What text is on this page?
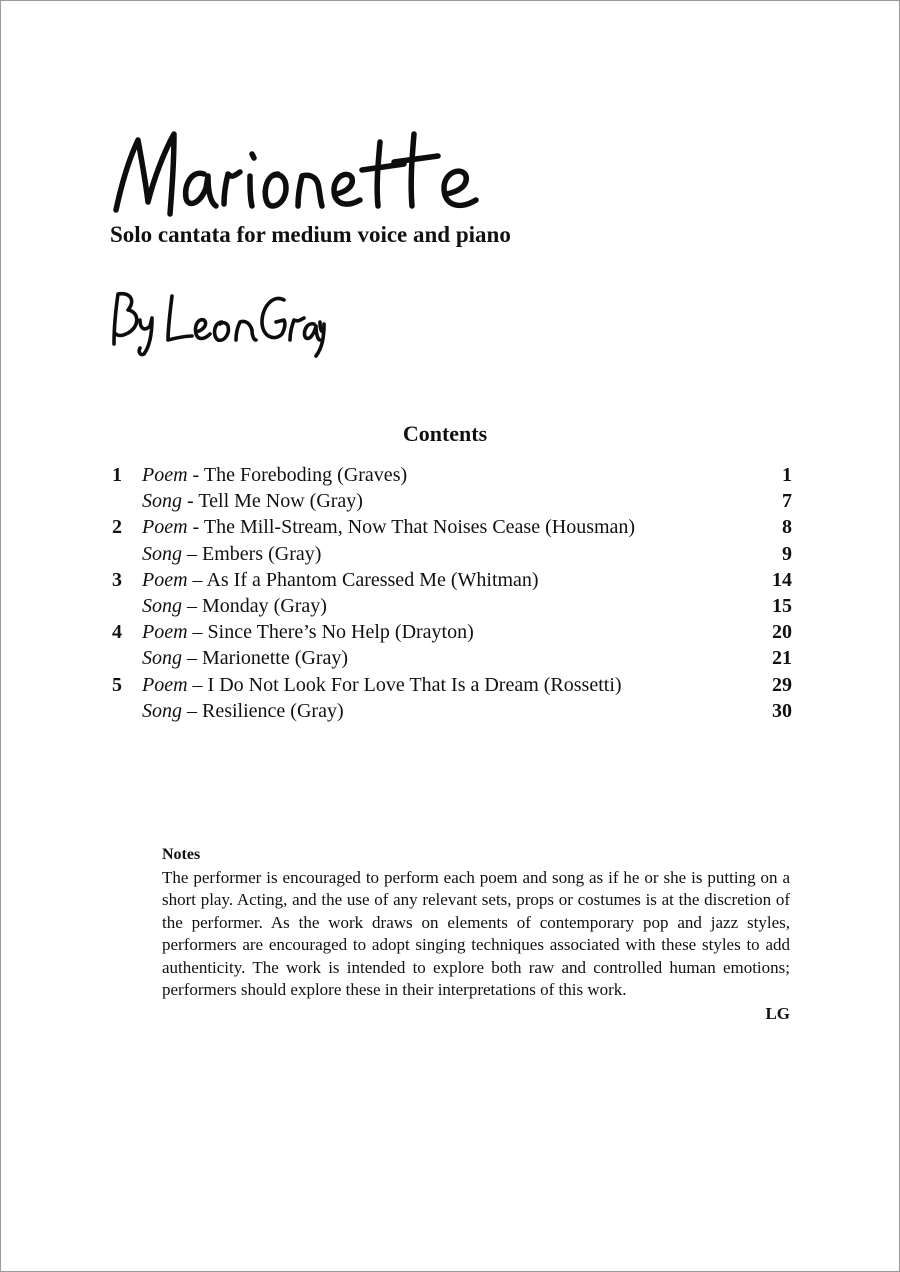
Solo cantata for medium voice and piano
Contents
1	Poem - The Foreboding (Graves)	1
Song - Tell Me Now (Gray)	7
2	Poem - The Mill-Stream, Now That Noises Cease (Housman)	8
Song – Embers (Gray)	9
3	Poem – As If a Phantom Caressed Me (Whitman)	14
Song – Monday (Gray)	15
4	Poem – Since There’s No Help (Drayton)	20
Song – Marionette (Gray)	21
5	Poem – I Do Not Look For Love That Is a Dream (Rossetti)	29
Song – Resilience (Gray)	30
Notes
The performer is encouraged to perform each poem and song as if he or she is putting on a short play. Acting, and the use of any relevant sets, props or costumes is at the discretion of the performer. As the work draws on elements of contemporary pop and jazz styles, performers are encouraged to adopt singing techniques associated with these styles to add authenticity. The work is intended to explore both raw and controlled human emotions; performers should explore these in their interpretations of this work.
LG
